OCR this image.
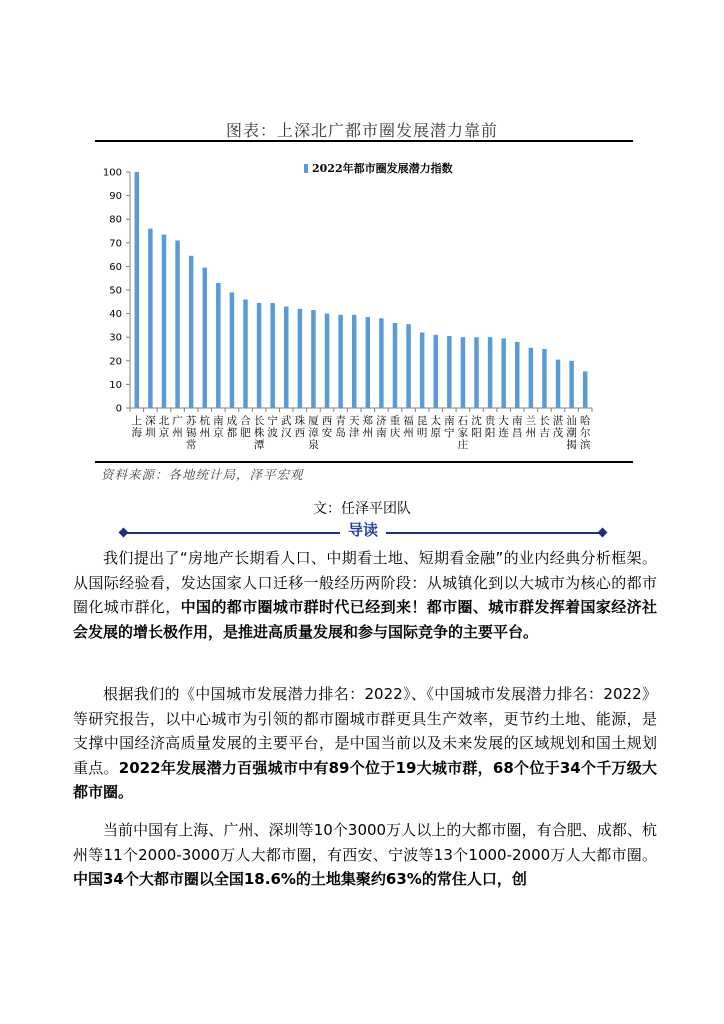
图表：上深北广都市圈发展潜力靠前
0
10
20
30
40
50
60
70
80
90
100
上海
深圳
北京
广州
苏锡常
杭州
南京
成都
合肥
长株潭
宁波
武汉
珠西
厦漳泉
西安
青岛
天津
郑州
济南
重庆
福州
昆明
太原
南宁
石家庄
沈阳
贵阳
大连
南昌
兰州
长吉
湛茂
汕潮揭
哈尔滨
2022年都市圈发展潜力指数
资料来源：各地统计局，泽平宏观
文：任泽平团队
导读

我们提出了“房地产长期看人口、中期看土地、短期看金融”的业内经典分析框架。从国际经验看，发达国家人口迁移一般经历两阶段：从城镇化到以大城市为核心的都市圈化城市群化，中国的都市圈城市群时代已经到来！都市圈、城市群发挥着国家经济社会发展的增长极作用，是推进高质量发展和参与国际竞争的主要平台。

根据我们的《中国城市发展潜力排名：2022》、《中国城市发展潜力排名：2022》等研究报告，以中心城市为引领的都市圈城市群更具生产效率，更节约土地、能源，是支撑中国经济高质量发展的主要平台，是中国当前以及未来发展的区域规划和国土规划重点。2022年发展潜力百强城市中有89个位于19大城市群，68个位于34个千万级大都市圈。

当前中国有上海、广州、深圳等10个3000万人以上的大都市圈，有合肥、成都、杭州等11个2000-3000万人大都市圈，有西安、宁波等13个1000-2000万人大都市圈。中国34个大都市圈以全国18.6%的土地集聚约63%的常住人口，创
